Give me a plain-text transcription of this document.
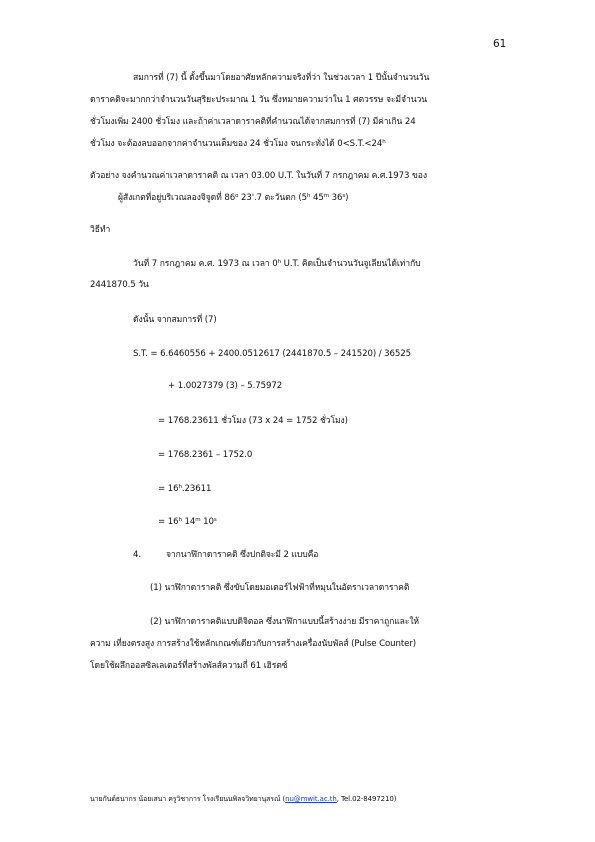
61
สมการที่ (7) นี้ ตั้งขึ้นมาโดยอาศัยหลักความจริงที่ว่า ในช่วงเวลา 1 ปีนั้นจำนวนวัน
ดาราคติจะมากกว่าจำนวนวันสุริยะประมาณ 1 วัน ซึ่งหมายความว่าใน 1 ศตวรรษ จะมีจำนวน
ชั่วโมงเพิ่ม 2400 ชั่วโมง และถ้าค่าเวลาดาราคติที่คำนวณได้จากสมการที่ (7) มีค่าเกิน 24
ชั่วโมง จะต้องลบออกจากค่าจำนวนเต็มของ 24 ชั่วโมง จนกระทั่งได้ $0<S.T.<24^h$
ตัวอย่าง จงคำนวณค่าเวลาดาราคติ ณ เวลา 03.00 U.T. ในวันที่ 7 กรกฎาคม ค.ศ.1973 ของ
ผู้สังเกตที่อยู่บริเวณลองจิจูดที่ 86$^o$ 23'.7 ตะวันตก (5$^h$ 45$^m$ 36$^s$)
วิธีทำ
วันที่ 7 กรกฎาคม ค.ศ. 1973 ณ เวลา 0$^h$ U.T. คิดเป็นจำนวนวันจูเลียนได้เท่ากับ
2441870.5 วัน
ดังนั้น จากสมการที่ (7)
S.T. = 6.6460556 + 2400.0512617 (2441870.5 – 241520) / 36525
+ 1.0027379 (3) – 5.75972
= 1768.23611 ชั่วโมง (73 x 24 = 1752 ชั่วโมง)
= 1768.2361 – 1752.0
= $16^h.23611$
= $16^h$ 14$^m$ 10$^s$
4.	จากนาฬิกาดาราคติ ซึ่งปกติจะมี 2 แบบคือ
(1) นาฬิกาดาราคติ ซึ่งขับโดยมอเตอร์ไฟฟ้าที่หมุนในอัตราเวลาดาราคติ
(2) นาฬิกาดาราคติแบบดิจิตอล ซึ่งนาฬิกาแบบนี้สร้างง่าย มีราคาถูกและให้
ความ เที่ยงตรงสูง การสร้างใช้หลักเกณฑ์เดียวกับการสร้างเครื่องนับพัลส์ (Pulse Counter)
โดยใช้ผลึกออสซิลเลเตอร์ที่สร้างพัลส์ความถี่ 61 เฮิรตซ์
นายกันต์ธนากร น้อยเสนา ครูวิชาการ โรงเรียนนพิลจวิทยานุสรณ์ (nu@mwit.ac.th, Tel.02-8497210)
